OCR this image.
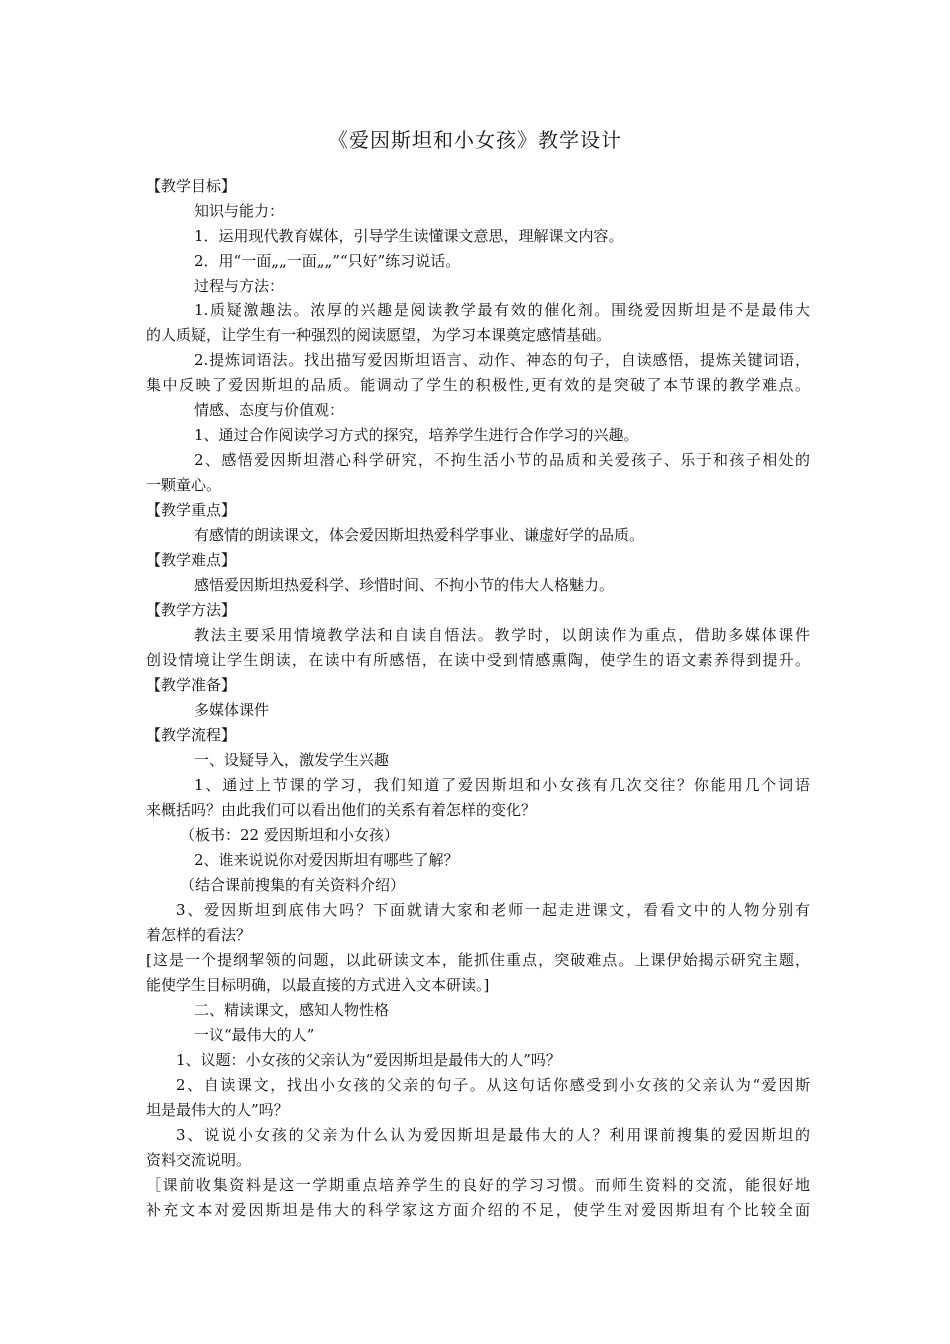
《爱因斯坦和小女孩》教学设计
【教学目标】
知识与能力：
1．运用现代教育媒体，引导学生读懂课文意思，理解课文内容。
2．用“一面„„一面„„”“只好”练习说话。
过程与方法：
1.质疑激趣法。浓厚的兴趣是阅读教学最有效的催化剂。围绕爱因斯坦是不是最伟大
的人质疑，让学生有一种强烈的阅读愿望，为学习本课奠定感情基础。
2.提炼词语法。找出描写爱因斯坦语言、动作、神态的句子，自读感悟，提炼关键词语，
集中反映了爱因斯坦的品质。能调动了学生的积极性,更有效的是突破了本节课的教学难点。
情感、态度与价值观：
1、通过合作阅读学习方式的探究，培养学生进行合作学习的兴趣。
2、感悟爱因斯坦潜心科学研究，不拘生活小节的品质和关爱孩子、乐于和孩子相处的
一颗童心。
【教学重点】
有感情的朗读课文，体会爱因斯坦热爱科学事业、谦虚好学的品质。
【教学难点】
感悟爱因斯坦热爱科学、珍惜时间、不拘小节的伟大人格魅力。
【教学方法】
教法主要采用情境教学法和自读自悟法。教学时，以朗读作为重点，借助多媒体课件
创设情境让学生朗读，在读中有所感悟，在读中受到情感熏陶，使学生的语文素养得到提升。
【教学准备】
多媒体课件
【教学流程】
一、设疑导入，激发学生兴趣
1、通过上节课的学习，我们知道了爱因斯坦和小女孩有几次交往？你能用几个词语
来概括吗？由此我们可以看出他们的关系有着怎样的变化？
（板书：22 爱因斯坦和小女孩）
2、谁来说说你对爱因斯坦有哪些了解？
（结合课前搜集的有关资料介绍）
3、爱因斯坦到底伟大吗？下面就请大家和老师一起走进课文，看看文中的人物分别有
着怎样的看法？
[这是一个提纲挈领的问题，以此研读文本，能抓住重点，突破难点。上课伊始揭示研究主题，
能使学生目标明确，以最直接的方式进入文本研读。]
二、精读课文，感知人物性格
一议“最伟大的人”
1、议题：小女孩的父亲认为“爱因斯坦是最伟大的人”吗？
2、自读课文，找出小女孩的父亲的句子。从这句话你感受到小女孩的父亲认为“爱因斯
坦是最伟大的人”吗？
3、说说小女孩的父亲为什么认为爱因斯坦是最伟大的人？利用课前搜集的爱因斯坦的
资料交流说明。
［课前收集资料是这一学期重点培养学生的良好的学习习惯。而师生资料的交流，能很好地
补充文本对爱因斯坦是伟大的科学家这方面介绍的不足，使学生对爱因斯坦有个比较全面
